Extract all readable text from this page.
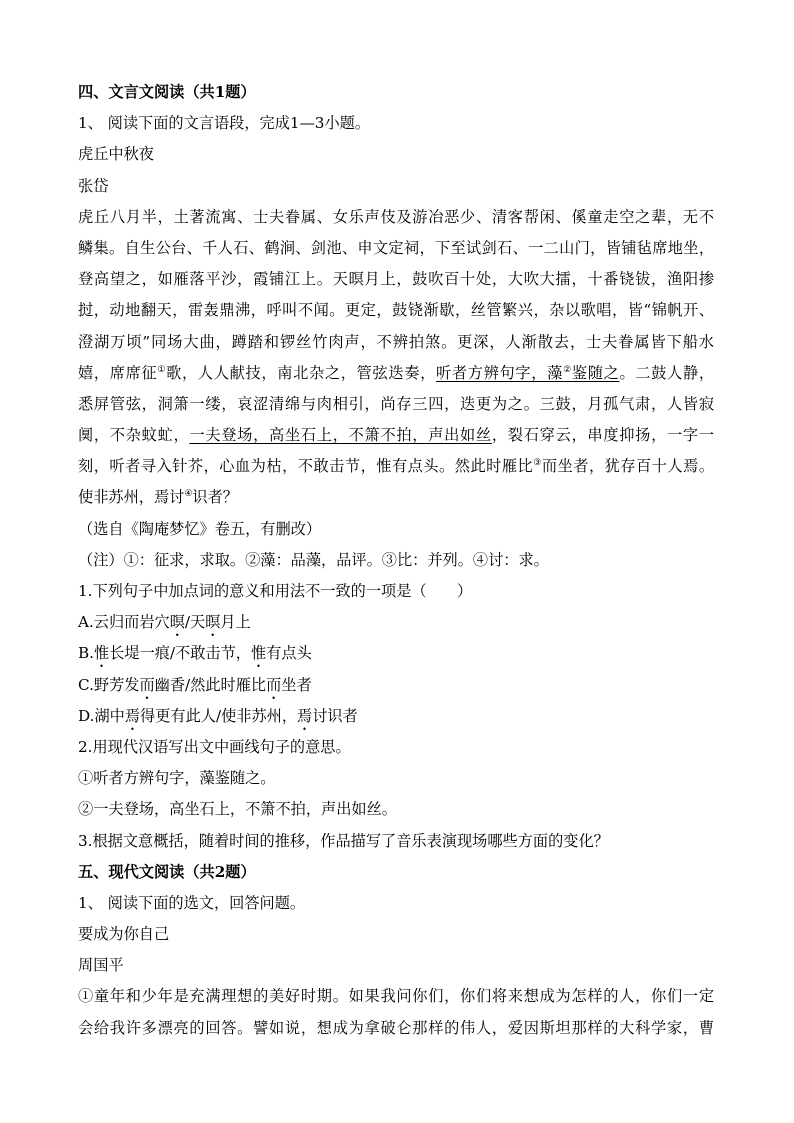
四、文言文阅读（共1题）
1、 阅读下面的文言语段，完成1—3小题。
虎丘中秋夜
张岱
虎丘八月半，土著流寓、士夫眷属、女乐声伎及游冶恶少、清客帮闲、傒童走空之辈，无不
鳞集。自生公台、千人石、鹤涧、剑池、申文定祠，下至试剑石、一二山门，皆铺毡席地坐，
登高望之，如雁落平沙，霞铺江上。天暝月上，鼓吹百十处，大吹大擂，十番铙钹，渔阳掺
挝，动地翻天，雷轰鼎沸，呼叫不闻。更定，鼓铙渐歇，丝管繁兴，杂以歌唱，皆“锦帆开、
澄湖万顷”同场大曲，蹲踏和锣丝竹肉声，不辨拍煞。更深，人渐散去，士夫眷属皆下船水
嬉，席席征①歌，人人献技，南北杂之，管弦迭奏，听者方辨句字，藻②鉴随之。二鼓人静，
悉屏管弦，洞箫一缕，哀涩清绵与肉相引，尚存三四，迭更为之。三鼓，月孤气肃，人皆寂
阒，不杂蚊虻，一夫登场，高坐石上，不箫不拍，声出如丝，裂石穿云，串度抑扬，一字一
刻，听者寻入针芥，心血为枯，不敢击节，惟有点头。然此时雁比③而坐者，犹存百十人焉。
使非苏州，焉讨④识者？
（选自《陶庵梦忆》卷五，有删改）
（注）①：征求，求取。②藻：品藻，品评。③比：并列。④讨：求。
1.下列句子中加点词的意义和用法不一致的一项是（　　）
A.云归而岩穴暝/天暝月上
B.惟长堤一痕/不敢击节，惟有点头
C.野芳发而幽香/然此时雁比而坐者
D.湖中焉得更有此人/使非苏州，焉讨识者
2.用现代汉语写出文中画线句子的意思。
①听者方辨句字，藻鉴随之。
②一夫登场，高坐石上，不箫不拍，声出如丝。
3.根据文意概括，随着时间的推移，作品描写了音乐表演现场哪些方面的变化？
五、现代文阅读（共2题）
1、 阅读下面的选文，回答问题。
要成为你自己
周国平
①童年和少年是充满理想的美好时期。如果我问你们，你们将来想成为怎样的人，你们一定
会给我许多漂亮的回答。譬如说，想成为拿破仑那样的伟人，爱因斯坦那样的大科学家，曹
